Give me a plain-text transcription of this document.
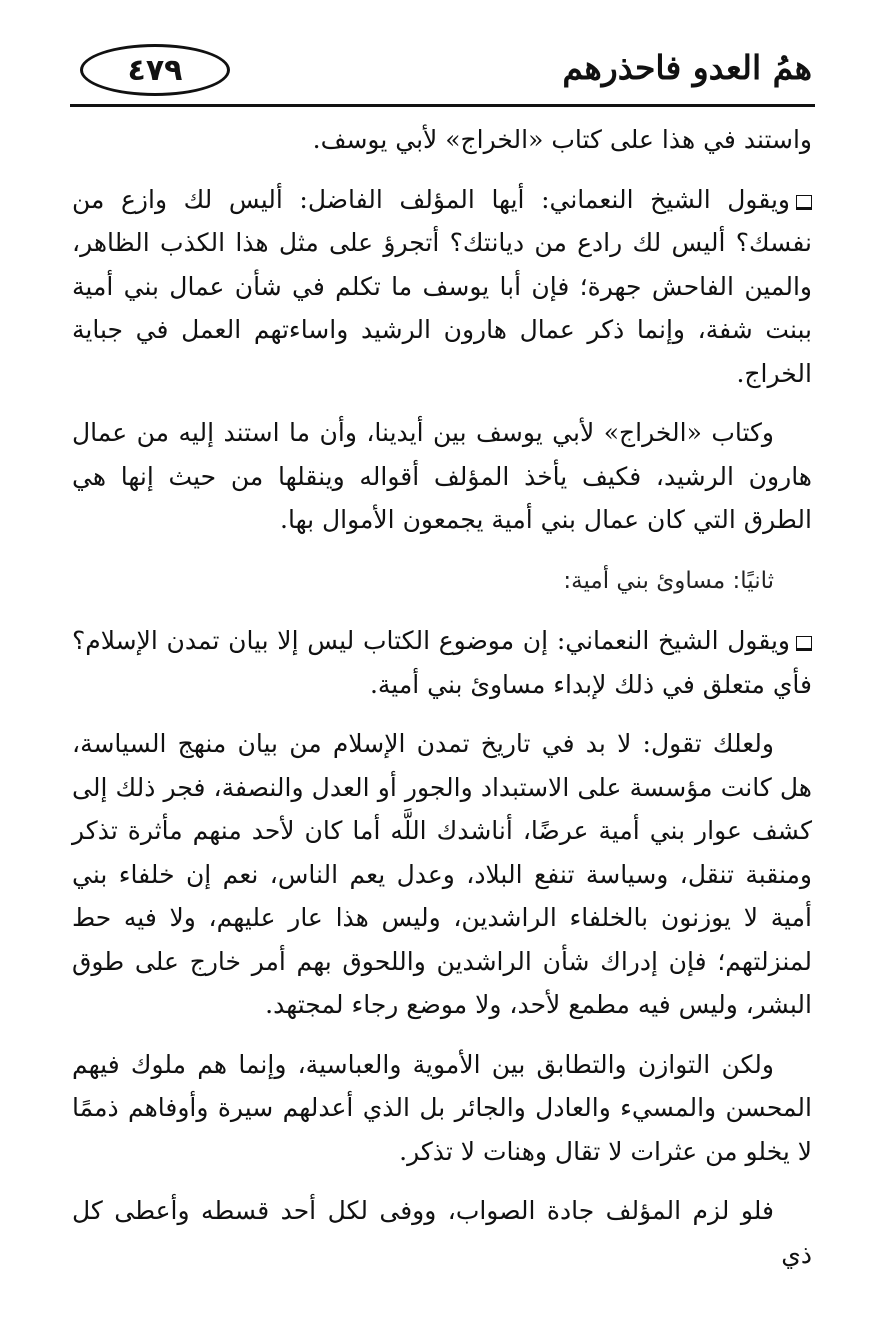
همُ العدو فاحذرهم
٤٧٩

واستند في هذا على كتاب «الخراج» لأبي يوسف.

ويقول الشيخ النعماني: أيها المؤلف الفاضل: أليس لك وازع من نفسك؟ أليس لك رادع من ديانتك؟ أتجرؤ على مثل هذا الكذب الظاهر، والمين الفاحش جهرة؛ فإن أبا يوسف ما تكلم في شأن عمال بني أمية ببنت شفة، وإنما ذكر عمال هارون الرشيد واساءتهم العمل في جباية الخراج.

وكتاب «الخراج» لأبي يوسف بين أيدينا، وأن ما استند إليه من عمال هارون الرشيد، فكيف يأخذ المؤلف أقواله وينقلها من حيث إنها هي الطرق التي كان عمال بني أمية يجمعون الأموال بها.

ثانيًا: مساوئ بني أمية:

ويقول الشيخ النعماني: إن موضوع الكتاب ليس إلا بيان تمدن الإسلام؟ فأي متعلق في ذلك لإبداء مساوئ بني أمية.

ولعلك تقول: لا بد في تاريخ تمدن الإسلام من بيان منهج السياسة، هل كانت مؤسسة على الاستبداد والجور أو العدل والنصفة، فجر ذلك إلى كشف عوار بني أمية عرضًا، أناشدك اللَّه أما كان لأحد منهم مأثرة تذكر ومنقبة تنقل، وسياسة تنفع البلاد، وعدل يعم الناس، نعم إن خلفاء بني أمية لا يوزنون بالخلفاء الراشدين، وليس هذا عار عليهم، ولا فيه حط لمنزلتهم؛ فإن إدراك شأن الراشدين واللحوق بهم أمر خارج على طوق البشر، وليس فيه مطمع لأحد، ولا موضع رجاء لمجتهد.

ولكن التوازن والتطابق بين الأموية والعباسية، وإنما هم ملوك فيهم المحسن والمسيء والعادل والجائر بل الذي أعدلهم سيرة وأوفاهم ذممًا لا يخلو من عثرات لا تقال وهنات لا تذكر.

فلو لزم المؤلف جادة الصواب، ووفى لكل أحد قسطه وأعطى كل ذي
